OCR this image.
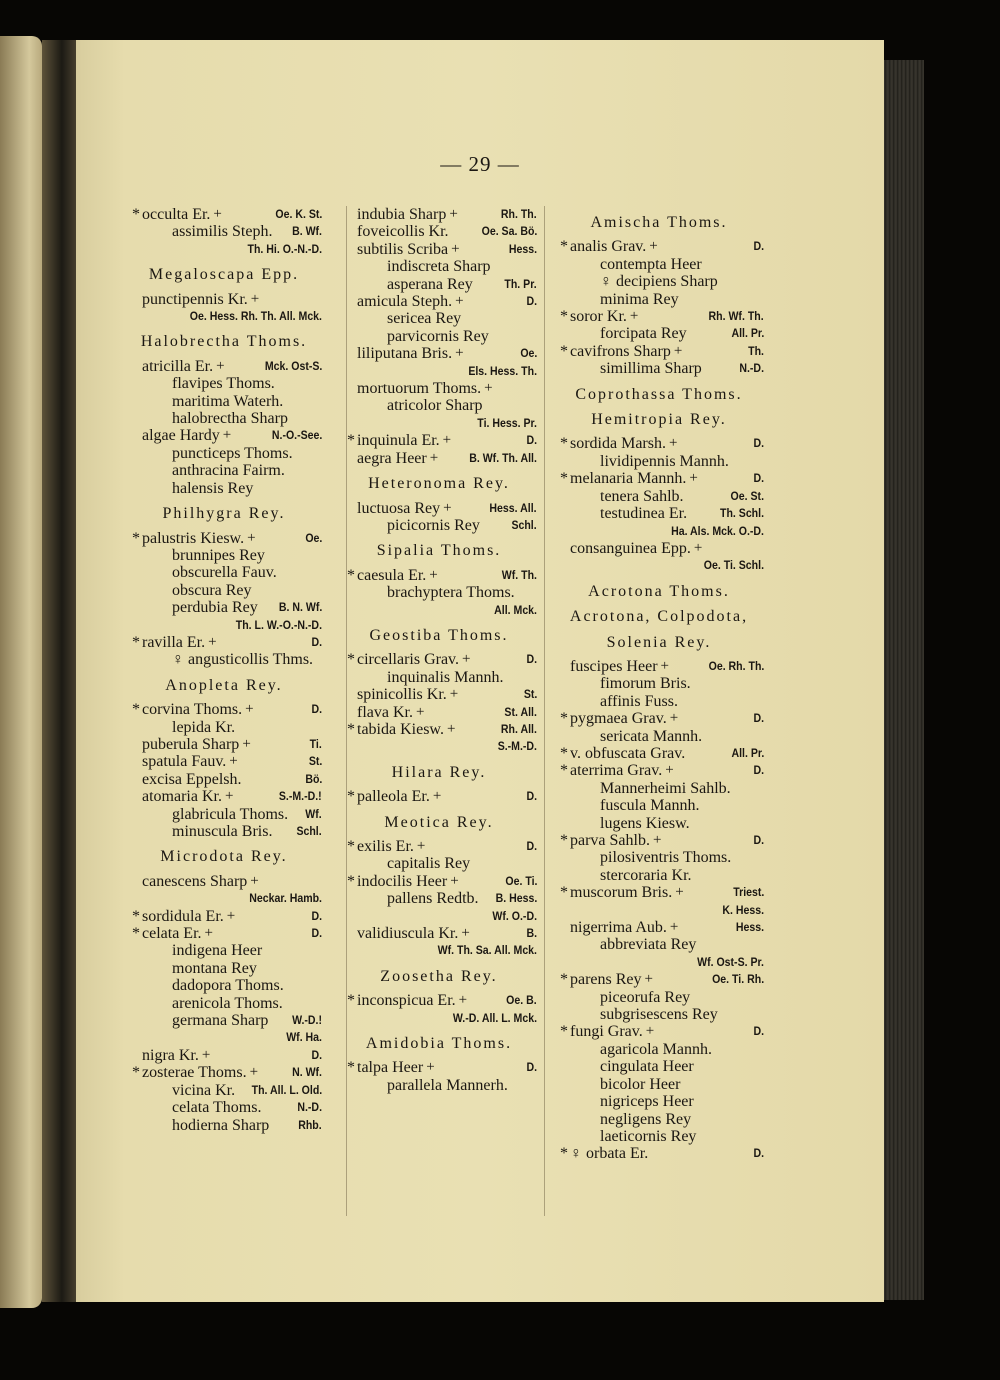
— 29 —
* occulta Er. +	Oe. K. St.
assimilis Steph. B. Wf.
Th. Hi. O.-N.-D.
Megaloscapa Epp.
punctipennis Kr. +
Oe. Hess. Rh. Th. All. Mck.
Halobrectha Thoms.
atricilla Er. +	Mck. Ost-S.
flavipes Thoms.
maritima Waterh.
halobrectha Sharp
algae Hardy +	N.-O.-See.
puncticeps Thoms.
anthracina Fairm.
halensis Rey
Philhygra Rey.
* palustris Kiesw. +	Oe.
brunnipes Rey
obscurella Fauv.
obscura Rey
perdubia Rey B. N. Wf.
Th. L. W.-O.-N.-D.
* ravilla Er. +	D.
♀ angusticollis Thms.
Anopleta Rey.
* corvina Thoms. +	D.
lepida Kr.
puberula Sharp +	Ti.
spatula Fauv. +	St.
excisa Eppelsh.	Bö.
atomaria Kr. +	S.-M.-D.!
glabricula Thoms. Wf.
minuscula Bris. Schl.
Microdota Rey.
canescens Sharp +
Neckar. Hamb.
* sordidula Er. +	D.
* celata Er. +	D.
indigena Heer
montana Rey
dadopora Thoms.
arenicola Thoms.
germana Sharp W.-D.!
Wf. Ha.
nigra Kr. +	D.
* zosterae Thoms. +	N. Wf.
vicina Kr. Th. All. L. Old.
celata Thoms.	N.-D.
hodierna Sharp Rhb.
indubia Sharp +	Rh. Th.
foveicollis Kr.	Oe. Sa. Bö.
subtilis Scriba +	Hess.
indiscreta Sharp
asperana Rey	Th. Pr.
amicula Steph. +	D.
sericea Rey
parvicornis Rey
liliputana Bris. +	Oe.
Els. Hess. Th.
mortuorum Thoms. +
atricolor Sharp
Ti. Hess. Pr.
* inquinula Er. +	D.
aegra Heer +	B. Wf. Th. All.
Heteronoma Rey.
luctuosa Rey +	Hess. All.
picicornis Rey	Schl.
Sipalia Thoms.
* caesula Er. +	Wf. Th.
brachyptera Thoms.
All. Mck.
Geostiba Thoms.
* circellaris Grav. +	D.
inquinalis Mannh.
spinicollis Kr. +	St.
flava Kr. +	St. All.
* tabida Kiesw. +	Rh. All.
S.-M.-D.
Hilara Rey.
* palleola Er. +	D.
Meotica Rey.
* exilis Er. +	D.
capitalis Rey
* indocilis Heer +	Oe. Ti.
pallens Redtb. B. Hess.
Wf. O.-D.
validiuscula Kr. +	B.
Wf. Th. Sa. All. Mck.
Zoosetha Rey.
* inconspicua Er. +	Oe. B.
W.-D. All. L. Mck.
Amidobia Thoms.
* talpa Heer +	D.
parallela Mannerh.
Amischa Thoms.
* analis Grav. +	D.
contempta Heer
♀ decipiens Sharp
minima Rey
* soror Kr. +	Rh. Wf. Th.
forcipata Rey	All. Pr.
* cavifrons Sharp +	Th.
simillima Sharp	N.-D.
Coprothassa Thoms.
Hemitropia Rey.
* sordida Marsh. +	D.
lividipennis Mannh.
* melanaria Mannh. +	D.
tenera Sahlb.	Oe. St.
testudinea Er.	Th. Schl.
Ha. Als. Mck. O.-D.
consanguinea Epp. +
Oe. Ti. Schl.
Acrotona Thoms.
Acrotona, Colpodota,
Solenia Rey.
fuscipes Heer +	Oe. Rh. Th.
fimorum Bris.
affinis Fuss.
* pygmaea Grav. +	D.
sericata Mannh.
* v. obfuscata Grav.	All. Pr.
* aterrima Grav. +	D.
Mannerheimi Sahlb.
fuscula Mannh.
lugens Kiesw.
* parva Sahlb. +	D.
pilosiventris Thoms.
stercoraria Kr.
* muscorum Bris. +	Triest.
K. Hess.
nigerrima Aub. +	Hess.
abbreviata Rey
Wf. Ost-S. Pr.
* parens Rey +	Oe. Ti. Rh.
piceorufa Rey
subgrisescens Rey
* fungi Grav. +	D.
agaricola Mannh.
cingulata Heer
bicolor Heer
nigriceps Heer
negligens Rey
laeticornis Rey
* ♀ orbata Er.	D.
